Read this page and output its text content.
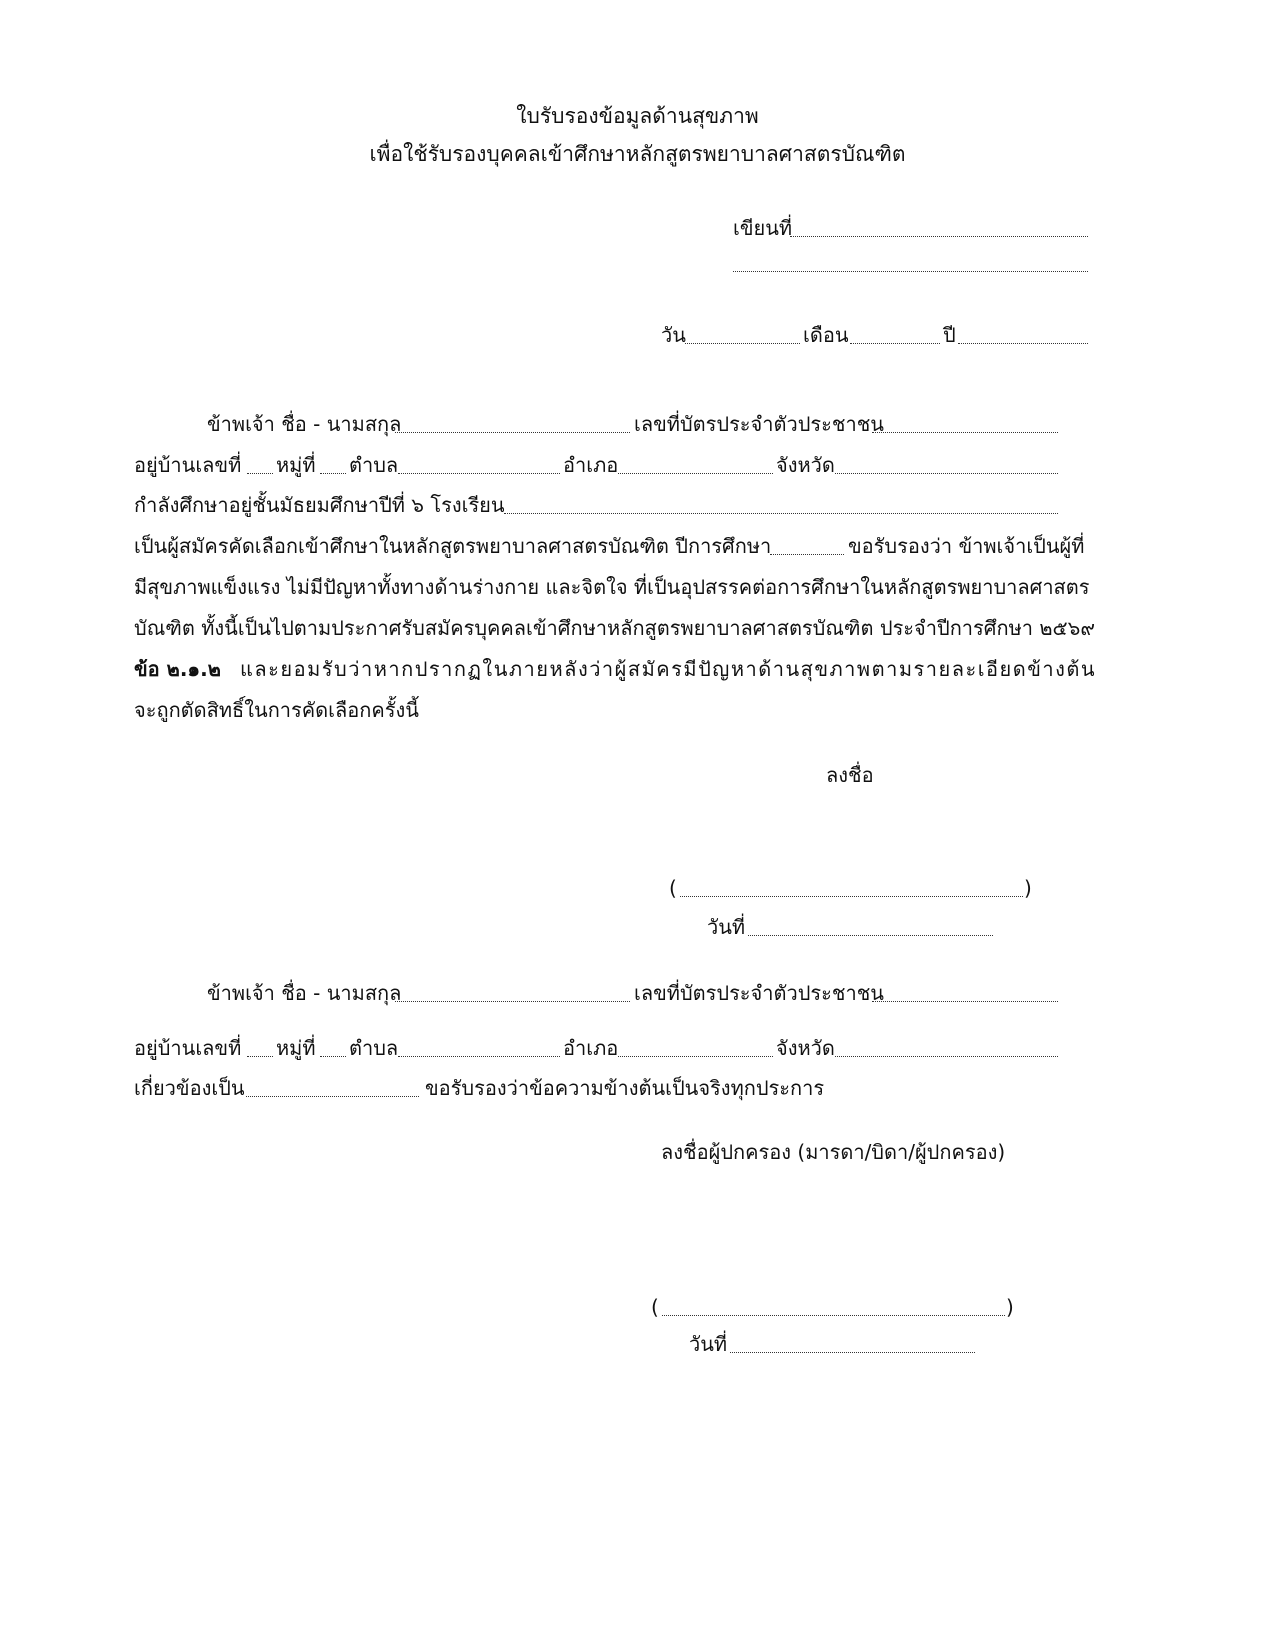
ใบรับรองข้อมูลด้านสุขภาพ
เพื่อใช้รับรองบุคคลเข้าศึกษาหลักสูตรพยาบาลศาสตรบัณฑิต
เขียนที่
วัน	เดือน	ปี
ข้าพเจ้า ชื่อ - นามสกุล	เลขที่บัตรประจำตัวประชาชน
อยู่บ้านเลขที่ หมู่ที่ ตำบล	อำเภอ	จังหวัด
กำลังศึกษาอยู่ชั้นมัธยมศึกษาปีที่ ๖ โรงเรียน
เป็นผู้สมัครคัดเลือกเข้าศึกษาในหลักสูตรพยาบาลศาสตรบัณฑิต ปีการศึกษา	ขอรับรองว่า ข้าพเจ้าเป็นผู้ที่
มีสุขภาพแข็งแรง ไม่มีปัญหาทั้งทางด้านร่างกาย และจิตใจ ที่เป็นอุปสรรคต่อการศึกษาในหลักสูตรพยาบาลศาสตร
บัณฑิต ทั้งนี้เป็นไปตามประกาศรับสมัครบุคคลเข้าศึกษาหลักสูตรพยาบาลศาสตรบัณฑิต ประจำปีการศึกษา ๒๕๖๙
ข้อ ๒.๑.๒ และยอมรับว่าหากปรากฏในภายหลังว่าผู้สมัครมีปัญหาด้านสุขภาพตามรายละเอียดข้างต้น
จะถูกตัดสิทธิ์ในการคัดเลือกครั้งนี้
ลงชื่อ
(	)
วันที่
ข้าพเจ้า ชื่อ - นามสกุล	เลขที่บัตรประจำตัวประชาชน
อยู่บ้านเลขที่ หมู่ที่ ตำบล	อำเภอ	จังหวัด
เกี่ยวข้องเป็น	ขอรับรองว่าข้อความข้างต้นเป็นจริงทุกประการ
ลงชื่อผู้ปกครอง (มารดา/บิดา/ผู้ปกครอง)
(	)
วันที่
